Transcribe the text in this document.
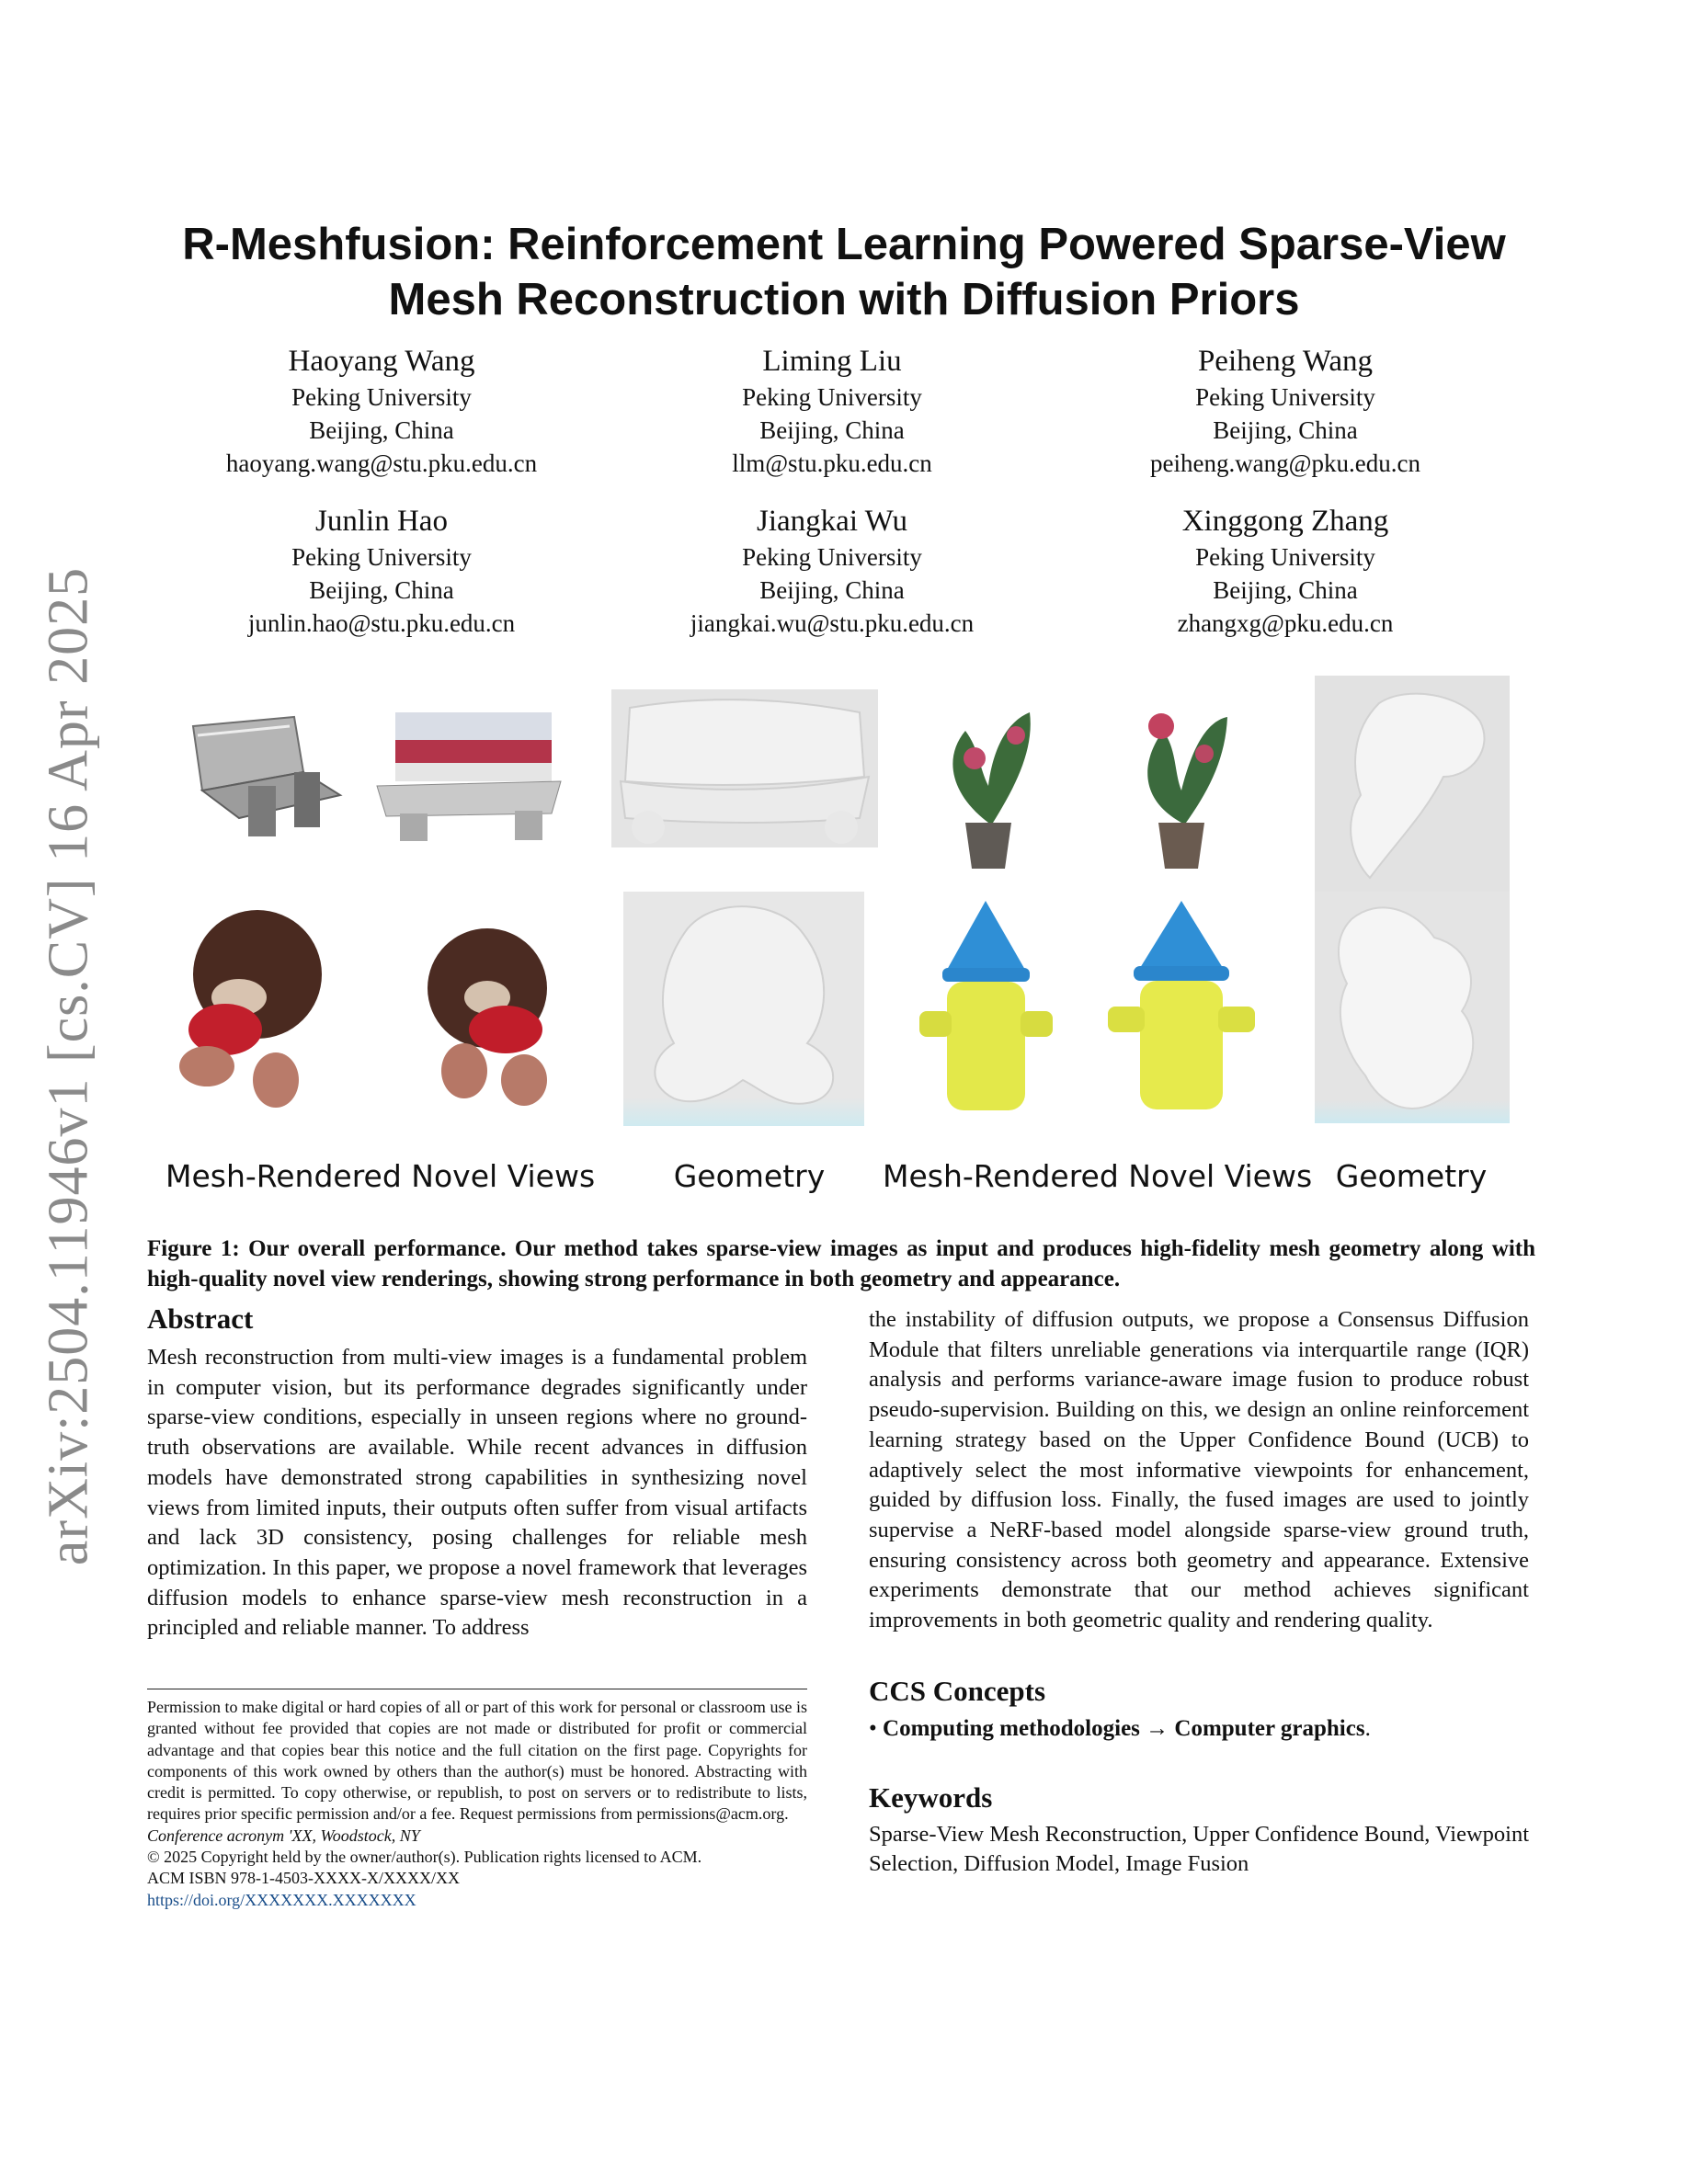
arXiv:2504.11946v1 [cs.CV] 16 Apr 2025
R-Meshfusion: Reinforcement Learning Powered Sparse-View
Mesh Reconstruction with Diffusion Priors
Haoyang Wang
Peking University
Beijing, China
haoyang.wang@stu.pku.edu.cn
Liming Liu
Peking University
Beijing, China
llm@stu.pku.edu.cn
Peiheng Wang
Peking University
Beijing, China
peiheng.wang@pku.edu.cn
Junlin Hao
Peking University
Beijing, China
junlin.hao@stu.pku.edu.cn
Jiangkai Wu
Peking University
Beijing, China
jiangkai.wu@stu.pku.edu.cn
Xinggong Zhang
Peking University
Beijing, China
zhangxg@pku.edu.cn
Mesh-Rendered Novel Views	Geometry	Mesh-Rendered Novel Views Geometry
Figure 1: Our overall performance. Our method takes sparse-view images as input and produces high-fidelity mesh geometry along with high-quality novel view renderings, showing strong performance in both geometry and appearance.
Abstract
Mesh reconstruction from multi-view images is a fundamental problem in computer vision, but its performance degrades significantly under sparse-view conditions, especially in unseen regions where no ground-truth observations are available. While recent advances in diffusion models have demonstrated strong capabilities in synthesizing novel views from limited inputs, their outputs often suffer from visual artifacts and lack 3D consistency, posing challenges for reliable mesh optimization. In this paper, we propose a novel framework that leverages diffusion models to enhance sparse-view mesh reconstruction in a principled and reliable manner. To address
the instability of diffusion outputs, we propose a Consensus Diffusion Module that filters unreliable generations via interquartile range (IQR) analysis and performs variance-aware image fusion to produce robust pseudo-supervision. Building on this, we design an online reinforcement learning strategy based on the Upper Confidence Bound (UCB) to adaptively select the most informative viewpoints for enhancement, guided by diffusion loss. Finally, the fused images are used to jointly supervise a NeRF-based model alongside sparse-view ground truth, ensuring consistency across both geometry and appearance. Extensive experiments demonstrate that our method achieves significant improvements in both geometric quality and rendering quality.
CCS Concepts
• Computing methodologies → Computer graphics.
Keywords
Sparse-View Mesh Reconstruction, Upper Confidence Bound, Viewpoint Selection, Diffusion Model, Image Fusion
Permission to make digital or hard copies of all or part of this work for personal or classroom use is granted without fee provided that copies are not made or distributed for profit or commercial advantage and that copies bear this notice and the full citation on the first page. Copyrights for components of this work owned by others than the author(s) must be honored. Abstracting with credit is permitted. To copy otherwise, or republish, to post on servers or to redistribute to lists, requires prior specific permission and/or a fee. Request permissions from permissions@acm.org.
Conference acronym 'XX, Woodstock, NY
© 2025 Copyright held by the owner/author(s). Publication rights licensed to ACM.
ACM ISBN 978-1-4503-XXXX-X/XXXX/XX
https://doi.org/XXXXXXX.XXXXXXX
